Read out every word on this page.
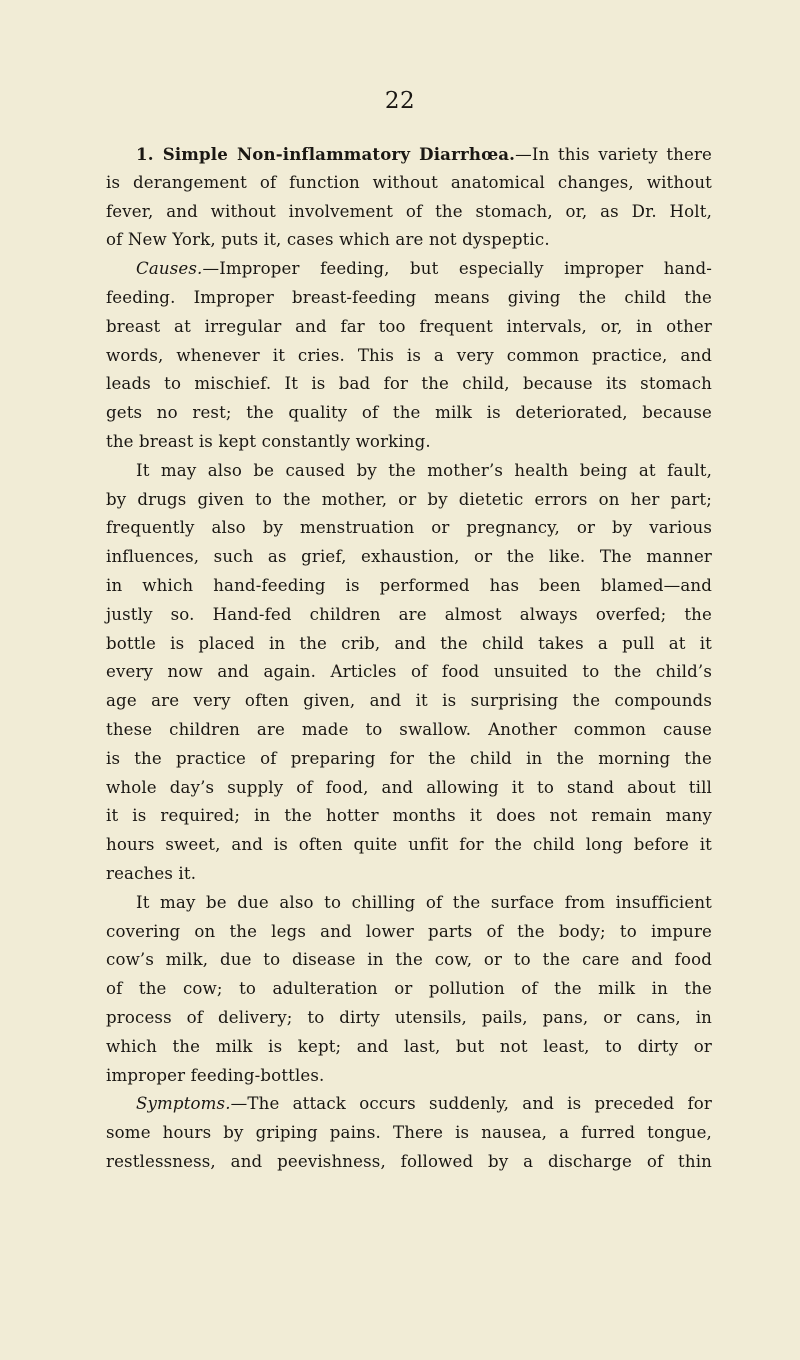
22
1. Simple Non-inflammatory Diarrhœa.—In this variety there
is derangement of function without anatomical changes, without
fever, and without involvement of the stomach, or, as Dr. Holt,
of New York, puts it, cases which are not dyspeptic.
Causes.—Improper feeding, but especially improper hand-
feeding. Improper breast-feeding means giving the child the
breast at irregular and far too frequent intervals, or, in other
words, whenever it cries. This is a very common practice, and
leads to mischief. It is bad for the child, because its stomach
gets no rest; the quality of the milk is deteriorated, because
the breast is kept constantly working.
It may also be caused by the mother’s health being at fault,
by drugs given to the mother, or by dietetic errors on her part;
frequently also by menstruation or pregnancy, or by various
influences, such as grief, exhaustion, or the like. The manner
in which hand-feeding is performed has been blamed—and
justly so. Hand-fed children are almost always overfed; the
bottle is placed in the crib, and the child takes a pull at it
every now and again. Articles of food unsuited to the child’s
age are very often given, and it is surprising the compounds
these children are made to swallow. Another common cause
is the practice of preparing for the child in the morning the
whole day’s supply of food, and allowing it to stand about till
it is required; in the hotter months it does not remain many
hours sweet, and is often quite unfit for the child long before it
reaches it.
It may be due also to chilling of the surface from insufficient
covering on the legs and lower parts of the body; to impure
cow’s milk, due to disease in the cow, or to the care and food
of the cow; to adulteration or pollution of the milk in the
process of delivery; to dirty utensils, pails, pans, or cans, in
which the milk is kept; and last, but not least, to dirty or
improper feeding-bottles.
Symptoms.—The attack occurs suddenly, and is preceded for
some hours by griping pains. There is nausea, a furred tongue,
restlessness, and peevishness, followed by a discharge of thin
